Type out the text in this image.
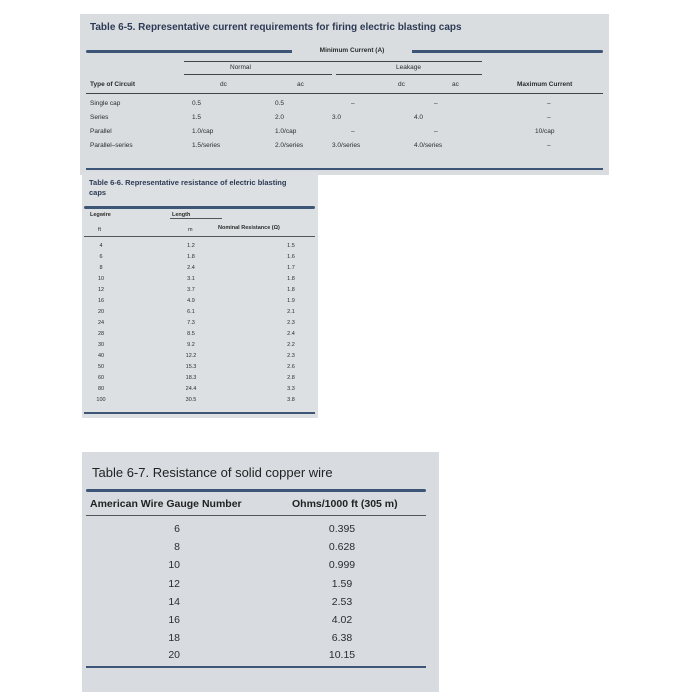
Table 6-5. Representative current requirements for firing electric blasting caps
Minimum Current (A)
Normal	Leakage
Type of Circuit	dc	ac	dc	ac	Maximum Current
Single cap	0.5	0.5	–	–	–
Series	1.5	2.0	3.0	4.0	–
Parallel	1.0/cap	1.0/cap	–	–	10/cap
Parallel–series	1.5/series	2.0/series	3.0/series	4.0/series	–
Table 6-6. Representative resistance of electric blasting caps
Legwire	Length
Nominal Resistance (Ω)
ft	m
4	1.2	1.5
6	1.8	1.6
8	2.4	1.7
10	3.1	1.8
12	3.7	1.8
16	4.9	1.9
20	6.1	2.1
24	7.3	2.3
28	8.5	2.4
30	9.2	2.2
40	12.2	2.3
50	15.3	2.6
60	18.3	2.8
80	24.4	3.3
100	30.5	3.8
Table 6-7. Resistance of solid copper wire
American Wire Gauge Number	Ohms/1000 ft (305 m)
6	0.395
8	0.628
10	0.999
12	1.59
14	2.53
16	4.02
18	6.38
20	10.15
